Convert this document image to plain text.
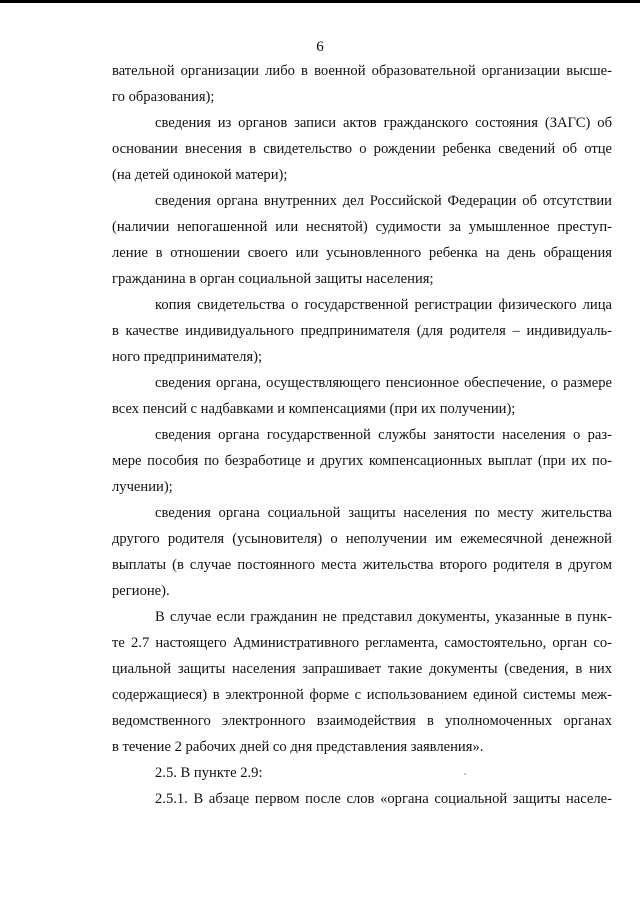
6
вательной организации либо в военной образовательной организации высше-
го образования);
сведения из органов записи актов гражданского состояния (ЗАГС) об
основании внесения в свидетельство о рождении ребенка сведений об отце
(на детей одинокой матери);
сведения органа внутренних дел Российской Федерации об отсутствии
(наличии непогашенной или неснятой) судимости за умышленное преступ-
ление в отношении своего или усыновленного ребенка на день обращения
гражданина в орган социальной защиты населения;
копия свидетельства о государственной регистрации физического лица
в качестве индивидуального предпринимателя (для родителя – индивидуаль-
ного предпринимателя);
сведения органа, осуществляющего пенсионное обеспечение, о размере
всех пенсий с надбавками и компенсациями (при их получении);
сведения органа государственной службы занятости населения о раз-
мере пособия по безработице и других компенсационных выплат (при их по-
лучении);
сведения органа социальной защиты населения по месту жительства
другого родителя (усыновителя) о неполучении им ежемесячной денежной
выплаты (в случае постоянного места жительства второго родителя в другом
регионе).
В случае если гражданин не представил документы, указанные в пунк-
те 2.7 настоящего Административного регламента, самостоятельно, орган со-
циальной защиты населения запрашивает такие документы (сведения, в них
содержащиеся) в электронной форме с использованием единой системы меж-
ведомственного электронного взаимодействия в уполномоченных органах
в течение 2 рабочих дней со дня представления заявления».
2.5. В пункте 2.9:
2.5.1. В абзаце первом после слов «органа социальной защиты населе-
